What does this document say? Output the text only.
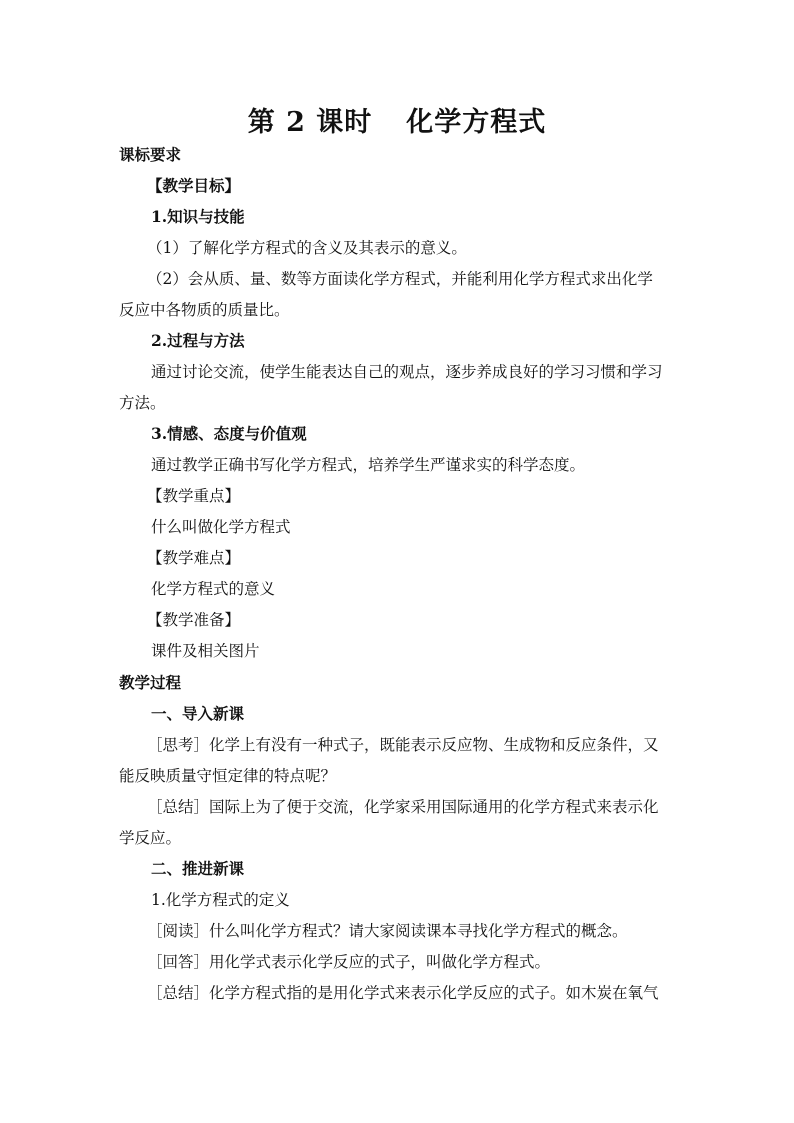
第 2 课时 化学方程式
课标要求
【教学目标】
1.知识与技能
（1）了解化学方程式的含义及其表示的意义。
（2）会从质、量、数等方面读化学方程式，并能利用化学方程式求出化学
反应中各物质的质量比。
2.过程与方法
通过讨论交流，使学生能表达自己的观点，逐步养成良好的学习习惯和学习
方法。
3.情感、态度与价值观
通过教学正确书写化学方程式，培养学生严谨求实的科学态度。
【教学重点】
什么叫做化学方程式
【教学难点】
化学方程式的意义
【教学准备】
课件及相关图片
教学过程
一、导入新课
［思考］化学上有没有一种式子，既能表示反应物、生成物和反应条件，又
能反映质量守恒定律的特点呢？
［总结］国际上为了便于交流，化学家采用国际通用的化学方程式来表示化
学反应。
二、推进新课
1.化学方程式的定义
［阅读］什么叫化学方程式？请大家阅读课本寻找化学方程式的概念。
［回答］用化学式表示化学反应的式子，叫做化学方程式。
［总结］化学方程式指的是用化学式来表示化学反应的式子。如木炭在氧气
